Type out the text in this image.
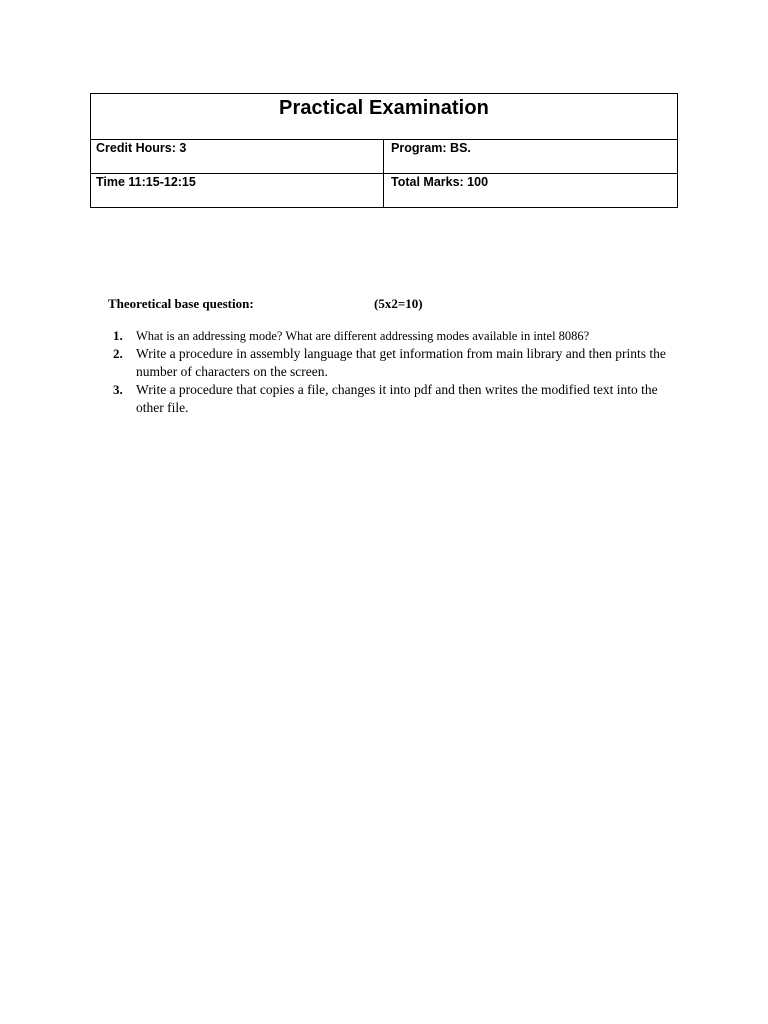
Practical Examination
Credit Hours: 3	Program: BS.
Time 11:15-12:15	Total Marks: 100
Theoretical base question:	(5x2=10)
1. What is an addressing mode? What are different addressing modes available in intel 8086?
2. Write a procedure in assembly language that get information from main library and then prints the number of characters on the screen.
3. Write a procedure that copies a file, changes it into pdf and then writes the modified text into the other file.
